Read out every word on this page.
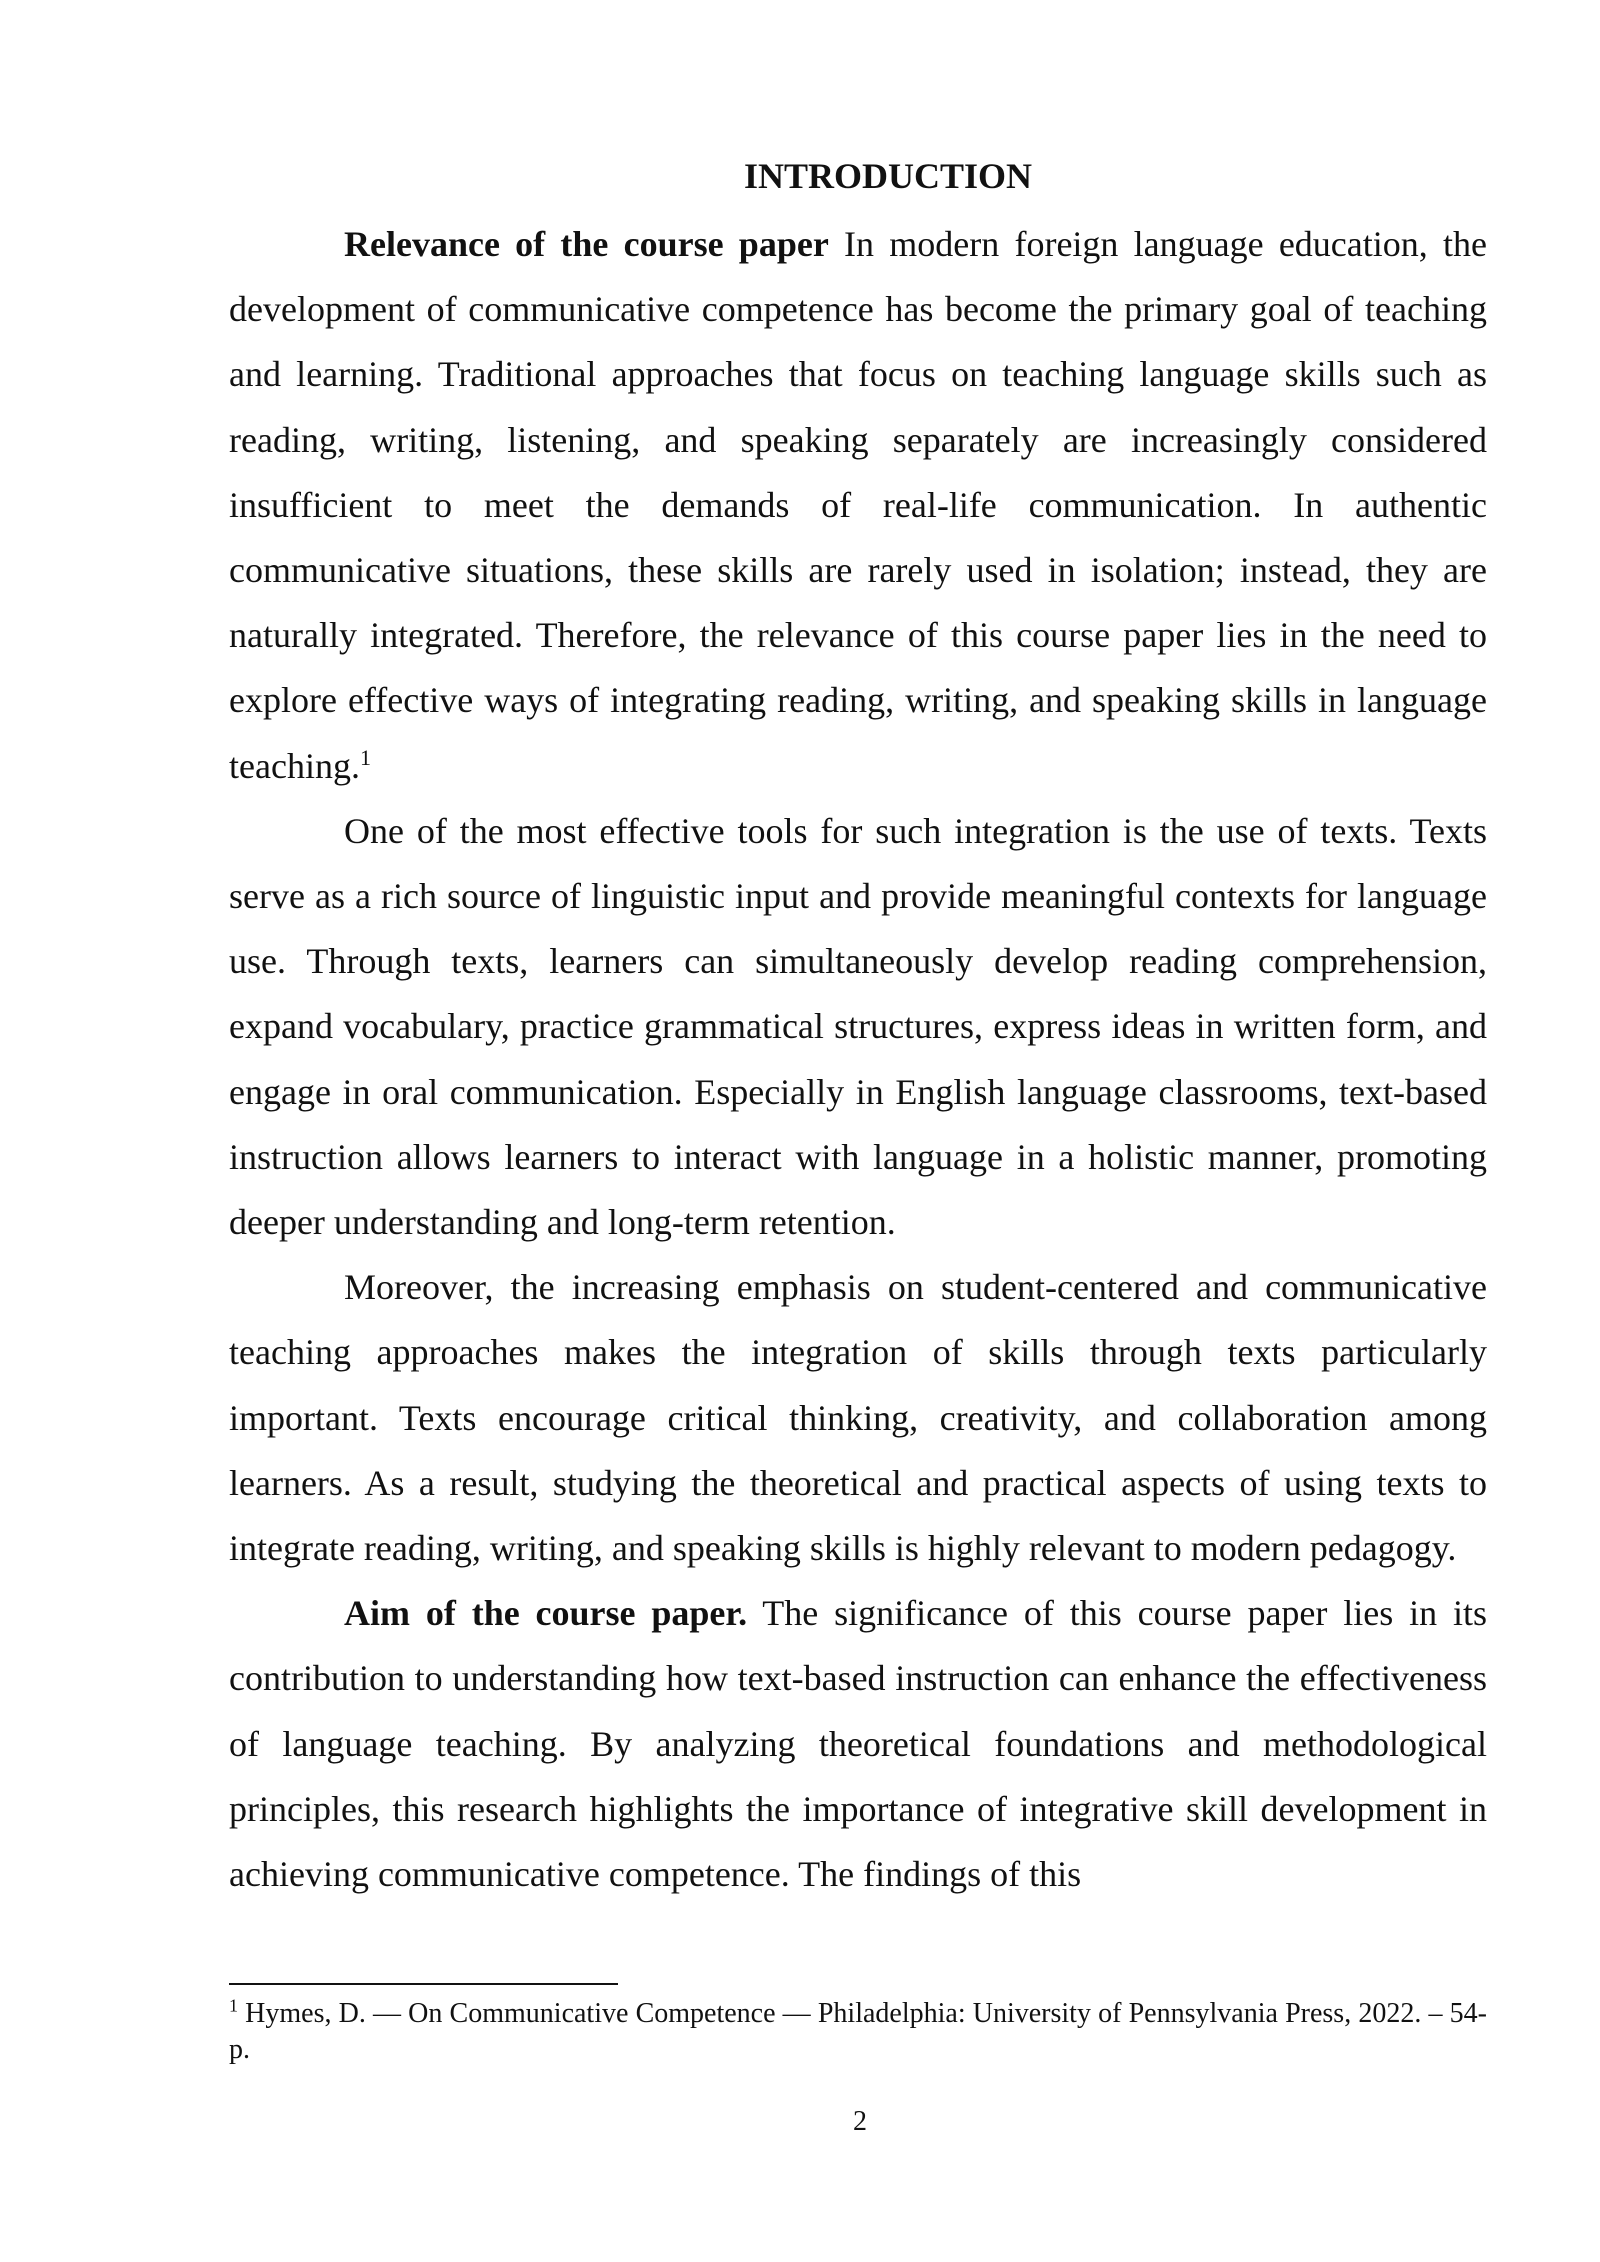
INTRODUCTION

Relevance of the course paper In modern foreign language education, the development of communicative competence has become the primary goal of teaching and learning. Traditional approaches that focus on teaching language skills such as reading, writing, listening, and speaking separately are increasingly considered insufficient to meet the demands of real-life communication. In authentic communicative situations, these skills are rarely used in isolation; instead, they are naturally integrated. Therefore, the relevance of this course paper lies in the need to explore effective ways of integrating reading, writing, and speaking skills in language teaching.$^1$

One of the most effective tools for such integration is the use of texts. Texts serve as a rich source of linguistic input and provide meaningful contexts for language use. Through texts, learners can simultaneously develop reading comprehension, expand vocabulary, practice grammatical structures, express ideas in written form, and engage in oral communication. Especially in English language classrooms, text-based instruction allows learners to interact with language in a holistic manner, promoting deeper understanding and long-term retention.

Moreover, the increasing emphasis on student-centered and communicative teaching approaches makes the integration of skills through texts particularly important. Texts encourage critical thinking, creativity, and collaboration among learners. As a result, studying the theoretical and practical aspects of using texts to integrate reading, writing, and speaking skills is highly relevant to modern pedagogy.

Aim of the course paper. The significance of this course paper lies in its contribution to understanding how text-based instruction can enhance the effectiveness of language teaching. By analyzing theoretical foundations and methodological principles, this research highlights the importance of integrative skill development in achieving communicative competence. The findings of this

$^1$ Hymes, D. — On Communicative Competence — Philadelphia: University of Pennsylvania Press, 2022. – 54-p.

2
